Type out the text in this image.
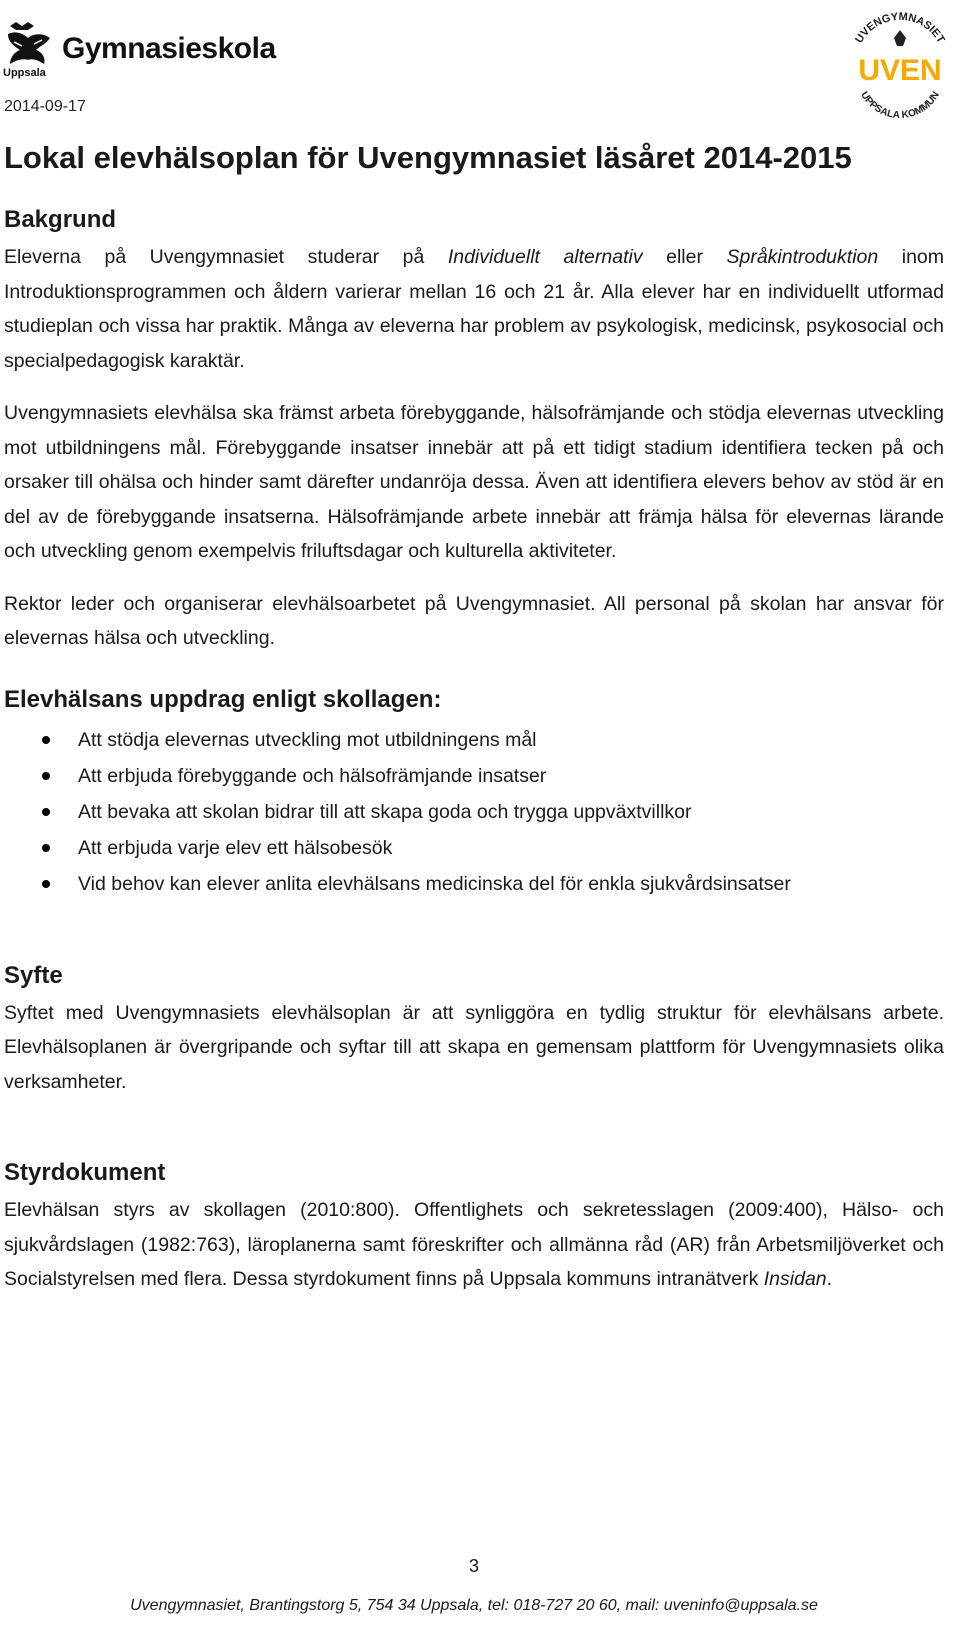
Uppsala
Gymnasieskola
2014-09-17
UVENGYMNASIET
UVEN
UPPSALA KOMMUN
Lokal elevhälsoplan för Uvengymnasiet läsåret 2014-2015
Bakgrund

Eleverna på Uvengymnasiet studerar på Individuellt alternativ eller Språkintroduktion inom Introduktionsprogrammen och åldern varierar mellan 16 och 21 år. Alla elever har en individuellt utformad studieplan och vissa har praktik. Många av eleverna har problem av psykologisk, medicinsk, psykosocial och specialpedagogisk karaktär.

Uvengymnasiets elevhälsa ska främst arbeta förebyggande, hälsofrämjande och stödja elevernas utveckling mot utbildningens mål. Förebyggande insatser innebär att på ett tidigt stadium identifiera tecken på och orsaker till ohälsa och hinder samt därefter undanröja dessa. Även att identifiera elevers behov av stöd är en del av de förebyggande insatserna. Hälsofrämjande arbete innebär att främja hälsa för elevernas lärande och utveckling genom exempelvis friluftsdagar och kulturella aktiviteter.

Rektor leder och organiserar elevhälsoarbetet på Uvengymnasiet. All personal på skolan har ansvar för elevernas hälsa och utveckling.

Elevhälsans uppdrag enligt skollagen:
Att stödja elevernas utveckling mot utbildningens mål
Att erbjuda förebyggande och hälsofrämjande insatser
Att bevaka att skolan bidrar till att skapa goda och trygga uppväxtvillkor
Att erbjuda varje elev ett hälsobesök
Vid behov kan elever anlita elevhälsans medicinska del för enkla sjukvårdsinsatser
Syfte

Syftet med Uvengymnasiets elevhälsoplan är att synliggöra en tydlig struktur för elevhälsans arbete. Elevhälsoplanen är övergripande och syftar till att skapa en gemensam plattform för Uvengymnasiets olika verksamheter.

Styrdokument

Elevhälsan styrs av skollagen (2010:800). Offentlighets och sekretesslagen (2009:400), Hälso- och sjukvårdslagen (1982:763), läroplanerna samt föreskrifter och allmänna råd (AR) från Arbetsmiljöverket och Socialstyrelsen med flera. Dessa styrdokument finns på Uppsala kommuns intranätverk Insidan.

3
Uvengymnasiet, Brantingstorg 5, 754 34 Uppsala, tel: 018-727 20 60, mail: uveninfo@uppsala.se
